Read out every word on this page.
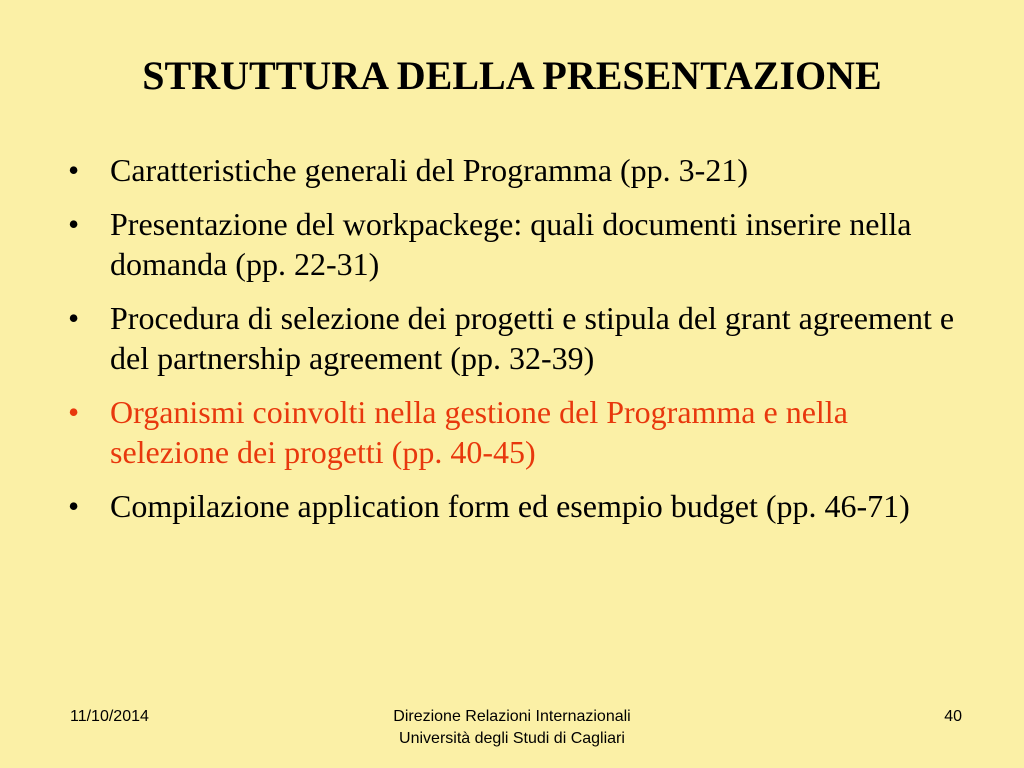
STRUTTURA DELLA PRESENTAZIONE
• Caratteristiche generali del Programma (pp. 3-21)
• Presentazione del workpackege: quali documenti inserire nella domanda (pp. 22-31)
• Procedura di selezione dei progetti e stipula del grant agreement e del partnership agreement (pp. 32-39)
• Organismi coinvolti nella gestione del Programma e nella selezione dei progetti (pp. 40-45)
• Compilazione application form ed esempio budget (pp. 46-71)
11/10/2014	Direzione Relazioni Internazionali
Università degli Studi di Cagliari
40
